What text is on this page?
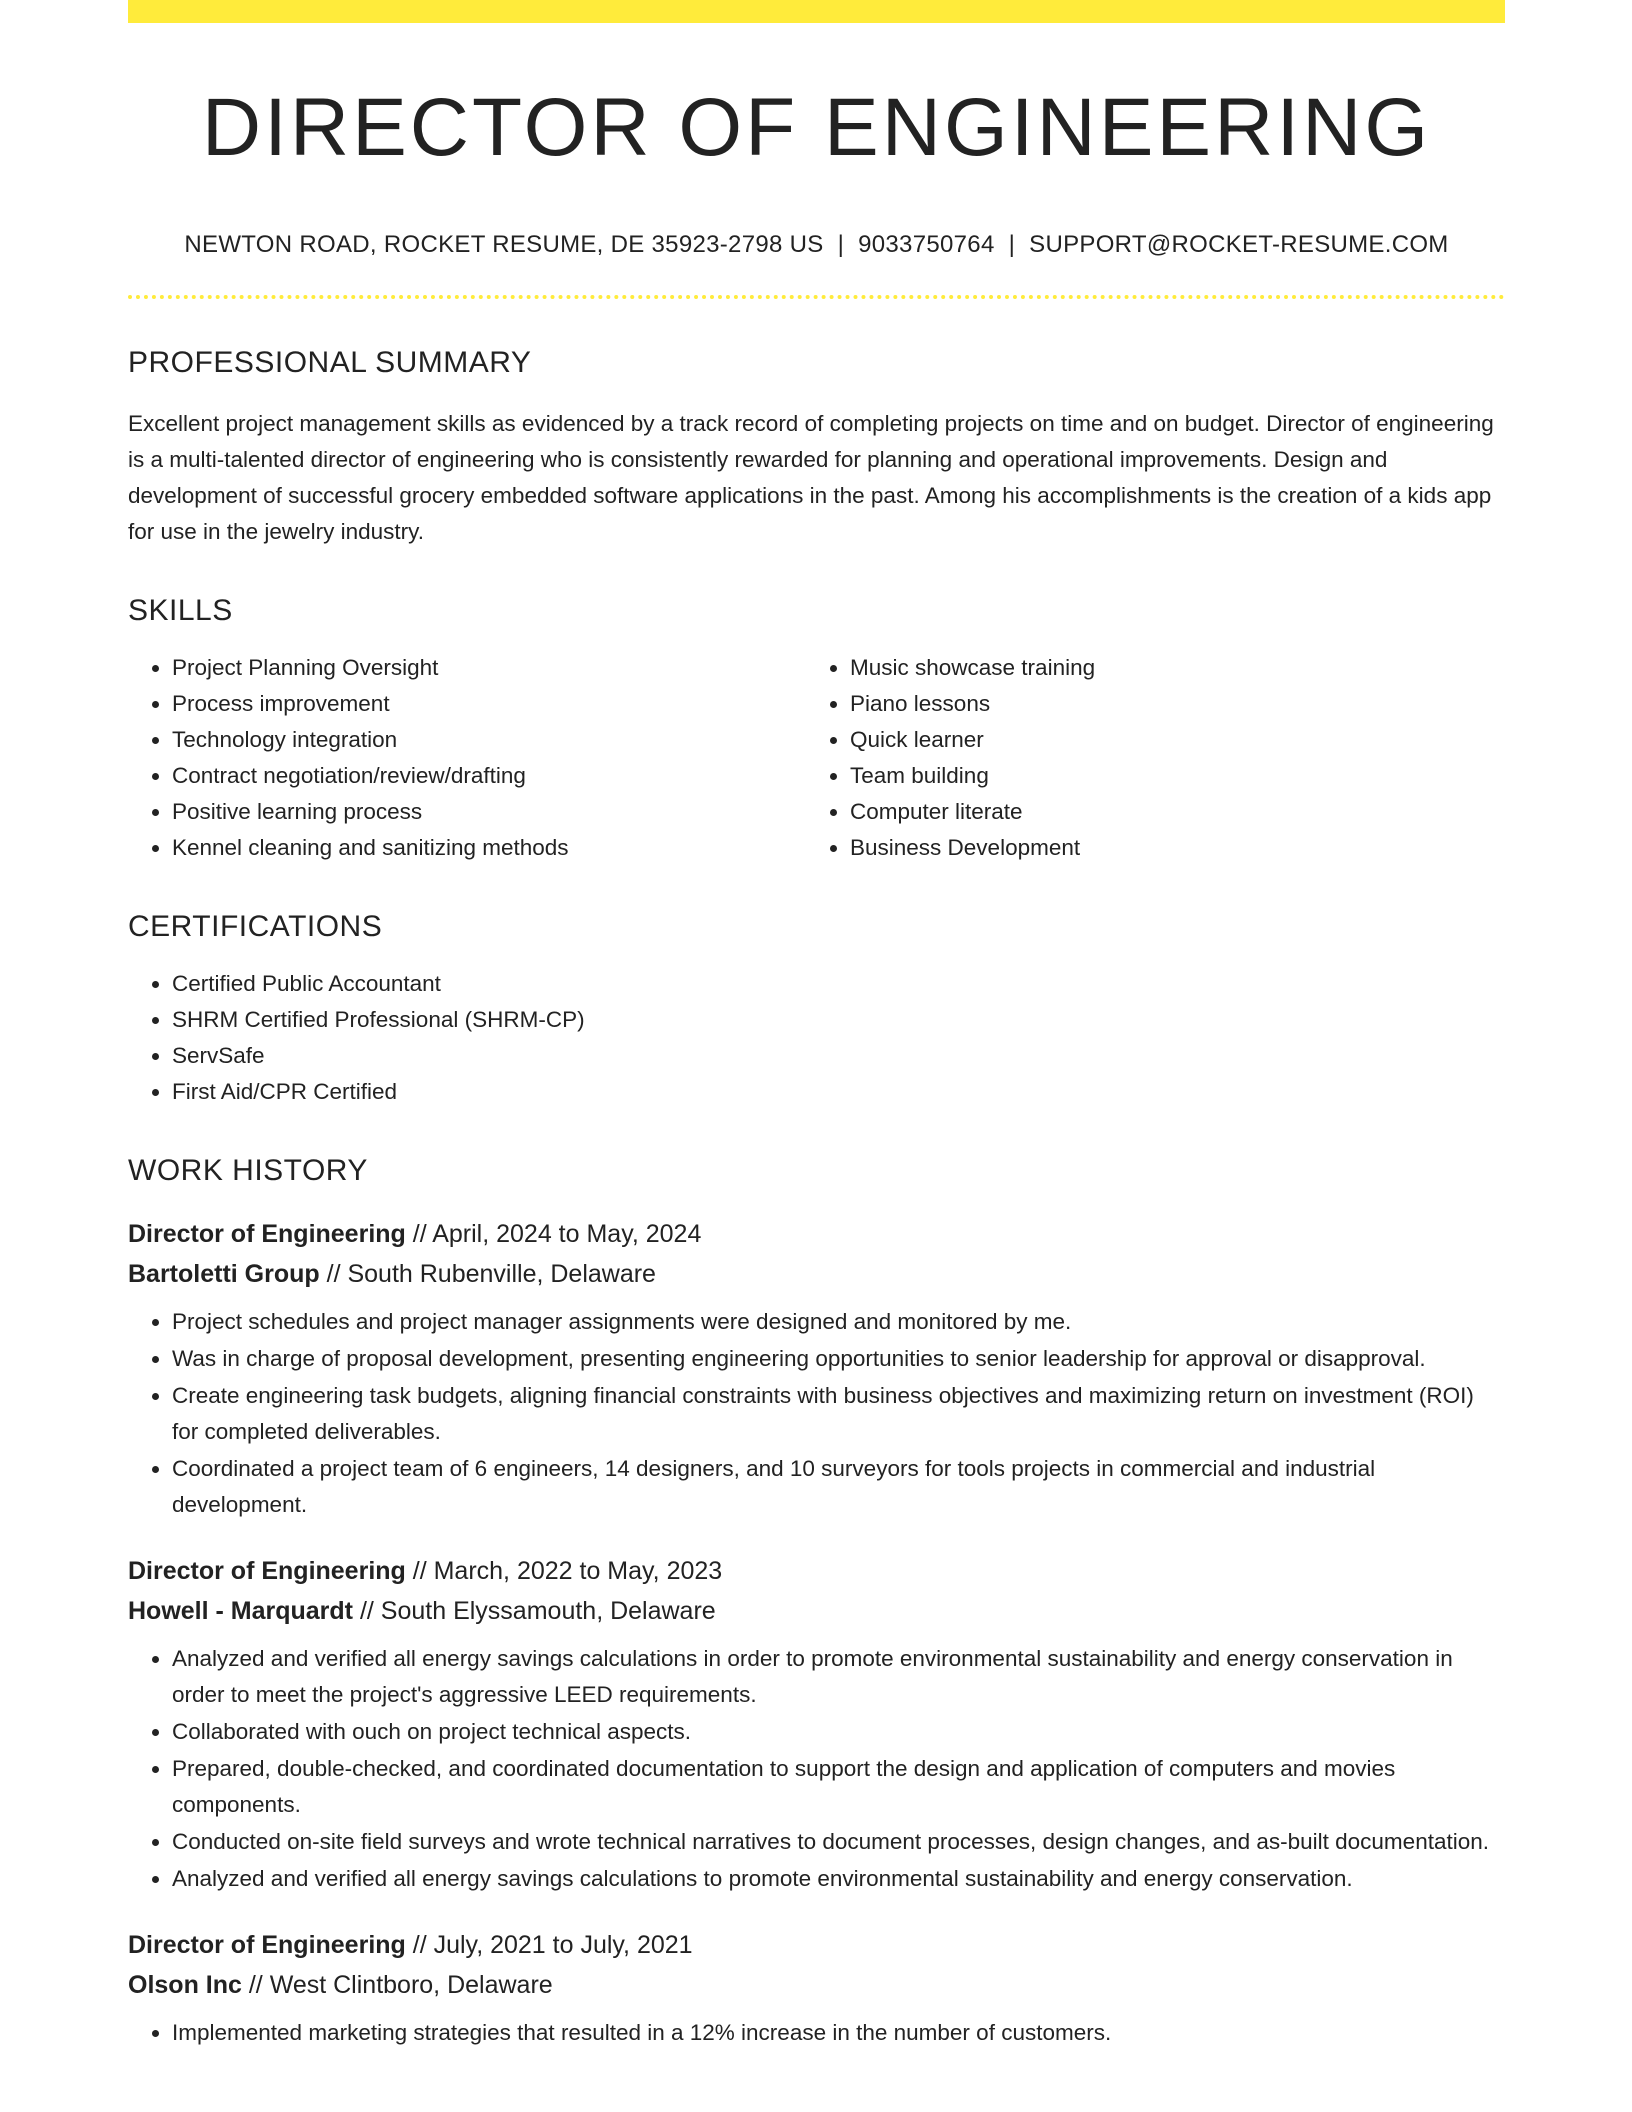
DIRECTOR OF ENGINEERING
NEWTON ROAD, ROCKET RESUME, DE 35923-2798 US | 9033750764 | SUPPORT@ROCKET-RESUME.COM
PROFESSIONAL SUMMARY

Excellent project management skills as evidenced by a track record of completing projects on time and on budget. Director of engineering is a multi-talented director of engineering who is consistently rewarded for planning and operational improvements. Design and development of successful grocery embedded software applications in the past. Among his accomplishments is the creation of a kids app for use in the jewelry industry.

SKILLS
• Project Planning Oversight
• Process improvement
• Technology integration
• Contract negotiation/review/drafting
• Positive learning process
• Kennel cleaning and sanitizing methods
• Music showcase training
• Piano lessons
• Quick learner
• Team building
• Computer literate
• Business Development
CERTIFICATIONS
• Certified Public Accountant
• SHRM Certified Professional (SHRM-CP)
• ServSafe
• First Aid/CPR Certified
WORK HISTORY
Director of Engineering // April, 2024 to May, 2024
Bartoletti Group // South Rubenville, Delaware
• Project schedules and project manager assignments were designed and monitored by me.
• Was in charge of proposal development, presenting engineering opportunities to senior leadership for approval or disapproval.
• Create engineering task budgets, aligning financial constraints with business objectives and maximizing return on investment (ROI) for completed deliverables.
• Coordinated a project team of 6 engineers, 14 designers, and 10 surveyors for tools projects in commercial and industrial development.
Director of Engineering // March, 2022 to May, 2023
Howell - Marquardt // South Elyssamouth, Delaware
• Analyzed and verified all energy savings calculations in order to promote environmental sustainability and energy conservation in order to meet the project's aggressive LEED requirements.
• Collaborated with ouch on project technical aspects.
• Prepared, double-checked, and coordinated documentation to support the design and application of computers and movies components.
• Conducted on-site field surveys and wrote technical narratives to document processes, design changes, and as-built documentation.
• Analyzed and verified all energy savings calculations to promote environmental sustainability and energy conservation.
Director of Engineering // July, 2021 to July, 2021
Olson Inc // West Clintboro, Delaware
• Implemented marketing strategies that resulted in a 12% increase in the number of customers.
